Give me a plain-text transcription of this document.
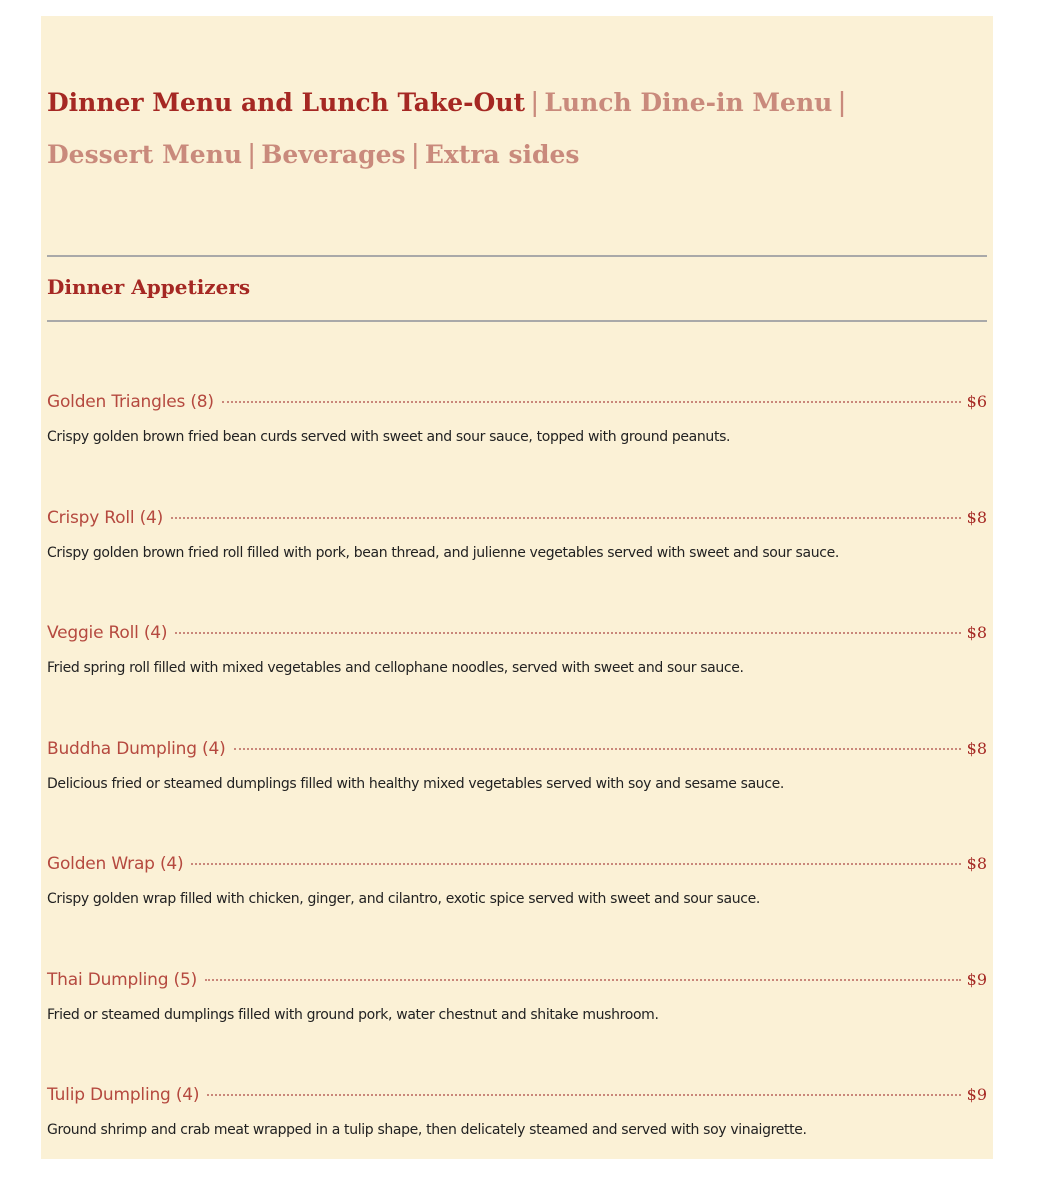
Dinner Menu and Lunch Take-Out | Lunch Dine-in Menu |
Dessert Menu | Beverages | Extra sides
Dinner Appetizers
Golden Triangles (8)	$6
Crispy golden brown fried bean curds served with sweet and sour sauce, topped with ground peanuts.
Crispy Roll (4)	$8
Crispy golden brown fried roll filled with pork, bean thread, and julienne vegetables served with sweet and sour sauce.
Veggie Roll (4)	$8
Fried spring roll filled with mixed vegetables and cellophane noodles, served with sweet and sour sauce.
Buddha Dumpling (4)	$8
Delicious fried or steamed dumplings filled with healthy mixed vegetables served with soy and sesame sauce.
Golden Wrap (4)	$8
Crispy golden wrap filled with chicken, ginger, and cilantro, exotic spice served with sweet and sour sauce.
Thai Dumpling (5)	$9
Fried or steamed dumplings filled with ground pork, water chestnut and shitake mushroom.
Tulip Dumpling (4)	$9
Ground shrimp and crab meat wrapped in a tulip shape, then delicately steamed and served with soy vinaigrette.
